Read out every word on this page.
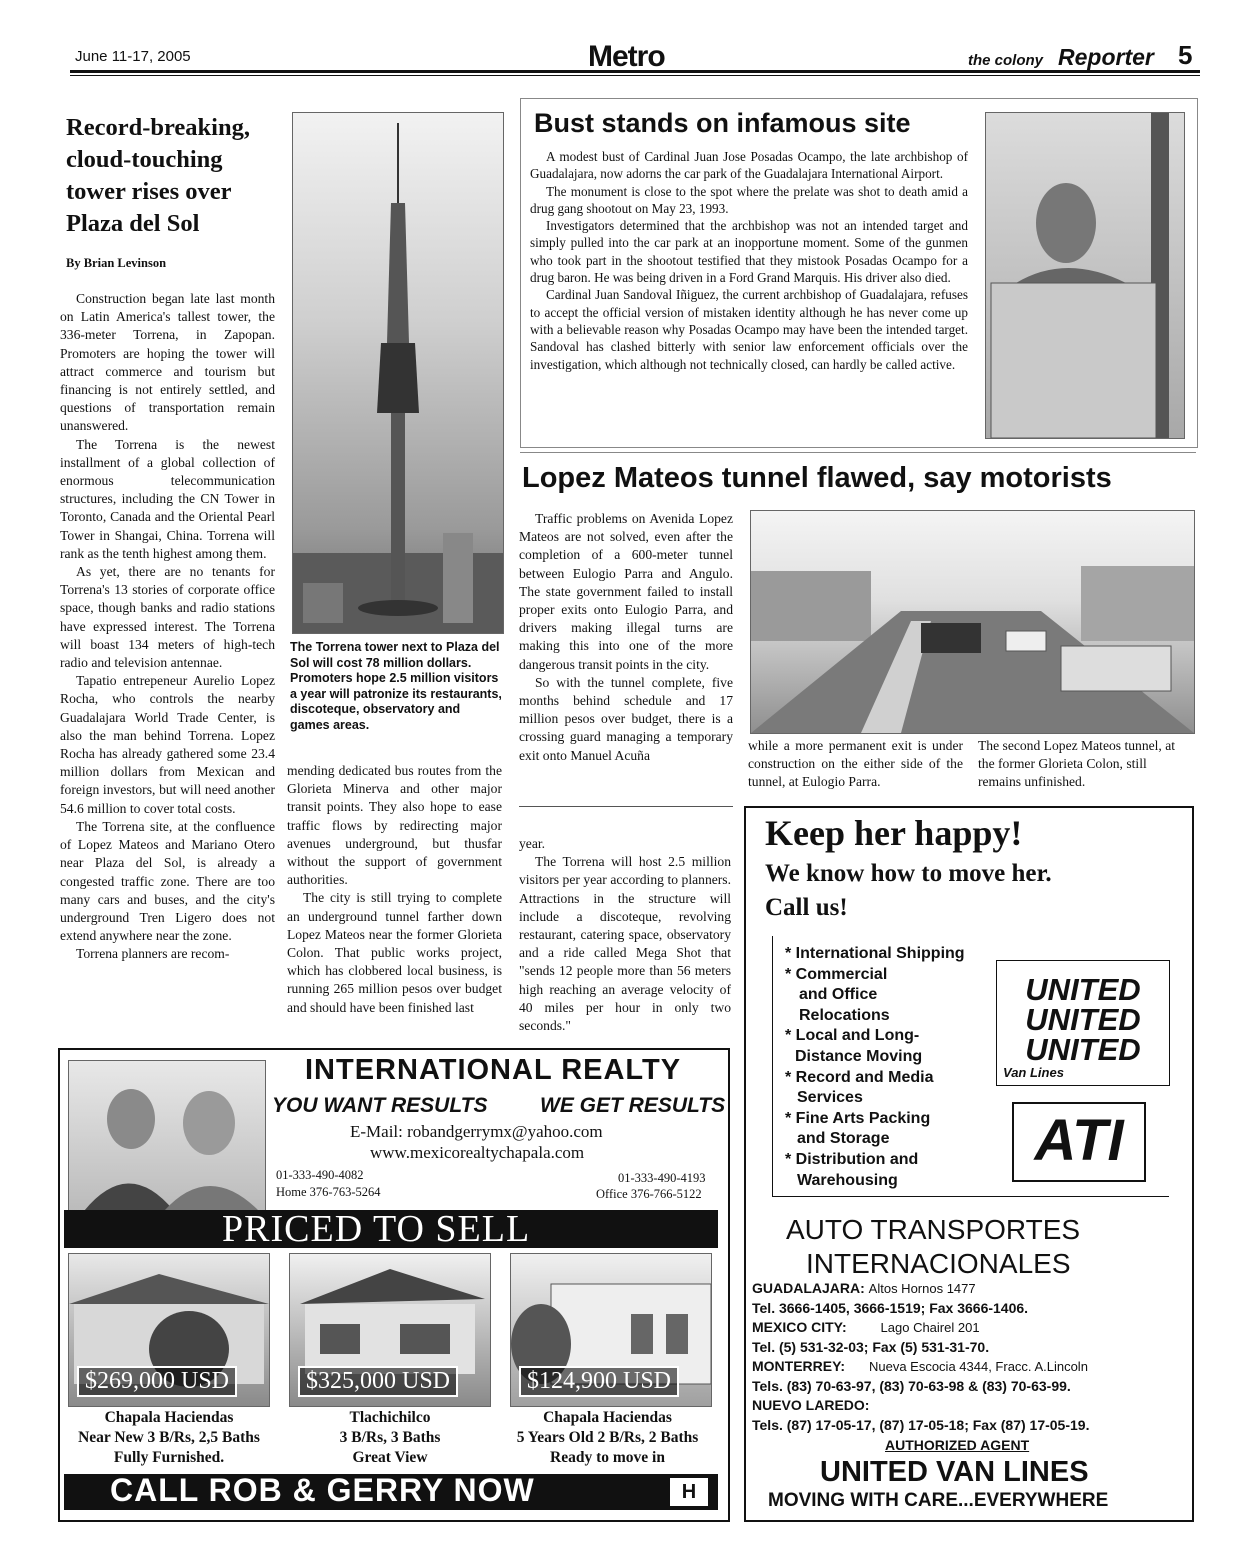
June 11-17, 2005	Metro	the colony Reporter 5
Record-breaking,
cloud-touching
tower rises over
Plaza del Sol
By Brian Levinson

Construction began late last month on Latin America's tallest tower, the 336-meter Torrena, in Zapopan. Promoters are hoping the tower will attract commerce and tourism but financing is not entirely settled, and questions of transportation remain unanswered.

The Torrena is the newest installment of a global collection of enormous telecommunication structures, including the CN Tower in Toronto, Canada and the Oriental Pearl Tower in Shangai, China. Torrena will rank as the tenth highest among them.

As yet, there are no tenants for Torrena's 13 stories of corporate office space, though banks and radio stations have expressed interest. The Torrena will boast 134 meters of high-tech radio and television antennae.

Tapatio entrepeneur Aurelio Lopez Rocha, who controls the nearby Guadalajara World Trade Center, is also the man behind Torrena. Lopez Rocha has already gathered some 23.4 million dollars from Mexican and foreign investors, but will need another 54.6 million to cover total costs.

The Torrena site, at the confluence of Lopez Mateos and Mariano Otero near Plaza del Sol, is already a congested traffic zone. There are too many cars and buses, and the city's underground Tren Ligero does not extend anywhere near the zone.

Torrena planners are recom-

The Torrena tower next to Plaza del Sol will cost 78 million dollars. Promoters hope 2.5 million visitors a year will patronize its restaurants, discoteque, observatory and games areas.

mending dedicated bus routes from the Glorieta Minerva and other major transit points. They also hope to ease traffic flows by redirecting major avenues underground, but thusfar without the support of government authorities.

The city is still trying to complete an underground tunnel farther down Lopez Mateos near the former Glorieta Colon. That public works project, which has clobbered local business, is running 265 million pesos over budget and should have been finished last

year.

The Torrena will host 2.5 million visitors per year according to planners. Attractions in the structure will include a discoteque, revolving restaurant, catering space, observatory and a ride called Mega Shot that "sends 12 people more than 56 meters high reaching an average velocity of 40 miles per hour in only two seconds."

Bust stands on infamous site

A modest bust of Cardinal Juan Jose Posadas Ocampo, the late archbishop of Guadalajara, now adorns the car park of the Guadalajara International Airport.

The monument is close to the spot where the prelate was shot to death amid a drug gang shootout on May 23, 1993.

Investigators determined that the archbishop was not an intended target and simply pulled into the car park at an inopportune moment. Some of the gunmen who took part in the shootout testified that they mistook Posadas Ocampo for a drug baron. He was being driven in a Ford Grand Marquis. His driver also died.

Cardinal Juan Sandoval Iñiguez, the current archbishop of Guadalajara, refuses to accept the official version of mistaken identity although he has never come up with a believable reason why Posadas Ocampo may have been the intended target. Sandoval has clashed bitterly with senior law enforcement officials over the investigation, which although not technically closed, can hardly be called active.

Lopez Mateos tunnel flawed, say motorists

Traffic problems on Avenida Lopez Mateos are not solved, even after the completion of a 600-meter tunnel between Eulogio Parra and Angulo. The state government failed to install proper exits onto Eulogio Parra, and drivers making illegal turns are making this into one of the more dangerous transit points in the city.

So with the tunnel complete, five months behind schedule and 17 million pesos over budget, there is a crossing guard managing a temporary exit onto Manuel Acuña

while a more permanent exit is under construction on the either side of the tunnel, at Eulogio Parra.
The second Lopez Mateos tunnel, at the former Glorieta Colon, still remains unfinished.
INTERNATIONAL REALTY
YOU WANT RESULTS	WE GET RESULTS
E-Mail: robandgerrymx@yahoo.com
www.mexicorealtychapala.com
01-333-490-4082
Home 376-763-5264
01-333-490-4193
Office 376-766-5122
PRICED TO SELL
$269,000 USD	$325,000 USD	$124,900 USD
Chapala Haciendas
Near New 3 B/Rs, 2,5 Baths
Fully Furnished.
Tlachichilco
3 B/Rs, 3 Baths
Great View
Chapala Haciendas
5 Years Old 2 B/Rs, 2 Baths
Ready to move in
CALL ROB & GERRY NOW	H
Keep her happy!
We know how to move her.
Call us!
* International Shipping
* Commercial
and Office
Relocations
* Local and Long-
Distance Moving
* Record and Media
Services
* Fine Arts Packing
and Storage
* Distribution and
Warehousing
UNITED
UNITED
UNITED
Van Lines
ATI
AUTO TRANSPORTES
INTERNACIONALES
GUADALAJARA: Altos Hornos 1477
Tel. 3666-1405, 3666-1519; Fax 3666-1406.
MEXICO CITY:	Lago Chairel 201
Tel. (5) 531-32-03; Fax (5) 531-31-70.
MONTERREY: Nueva Escocia 4344, Fracc. A.Lincoln
Tels. (83) 70-63-97, (83) 70-63-98 & (83) 70-63-99.
NUEVO LAREDO:
Tels. (87) 17-05-17, (87) 17-05-18; Fax (87) 17-05-19.
AUTHORIZED AGENT
UNITED VAN LINES
MOVING WITH CARE...EVERYWHERE
